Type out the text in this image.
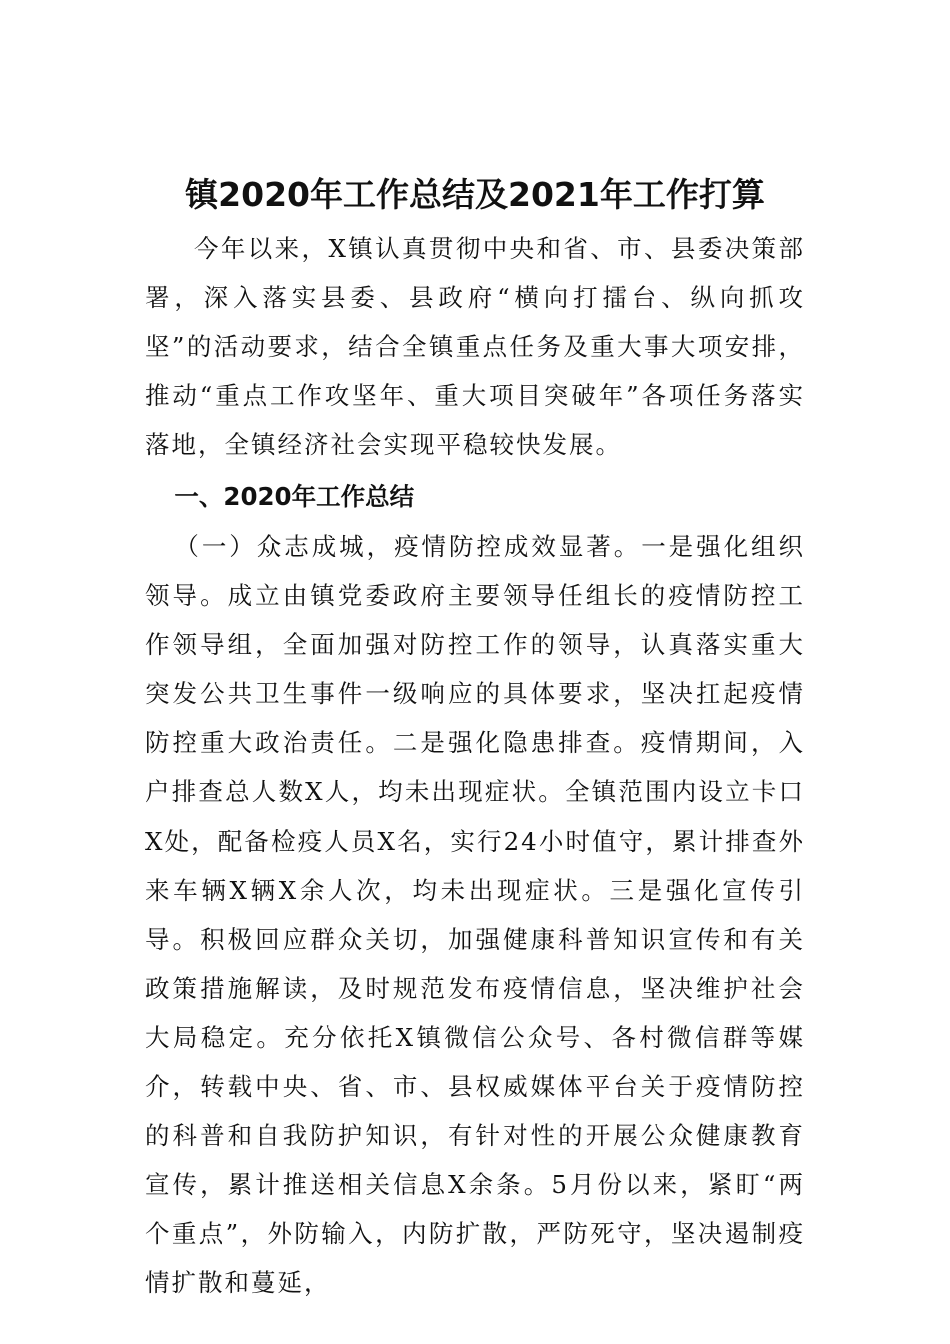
镇2020年工作总结及2021年工作打算

今年以来，X镇认真贯彻中央和省、市、县委决策部署，深入落实县委、县政府“横向打擂台、纵向抓攻坚”的活动要求，结合全镇重点任务及重大事大项安排，推动“重点工作攻坚年、重大项目突破年”各项任务落实落地，全镇经济社会实现平稳较快发展。

一、2020年工作总结

（一）众志成城，疫情防控成效显著。一是强化组织领导。成立由镇党委政府主要领导任组长的疫情防控工作领导组，全面加强对防控工作的领导，认真落实重大突发公共卫生事件一级响应的具体要求，坚决扛起疫情防控重大政治责任。二是强化隐患排查。疫情期间，入户排查总人数X人，均未出现症状。全镇范围内设立卡口X处，配备检疫人员X名，实行24小时值守，累计排查外来车辆X辆X余人次，均未出现症状。三是强化宣传引导。积极回应群众关切，加强健康科普知识宣传和有关政策措施解读，及时规范发布疫情信息，坚决维护社会大局稳定。充分依托X镇微信公众号、各村微信群等媒介，转载中央、省、市、县权威媒体平台关于疫情防控的科普和自我防护知识，有针对性的开展公众健康教育宣传，累计推送相关信息X余条。5月份以来，紧盯“两个重点”，外防输入，内防扩散，严防死守，坚决遏制疫情扩散和蔓延，
